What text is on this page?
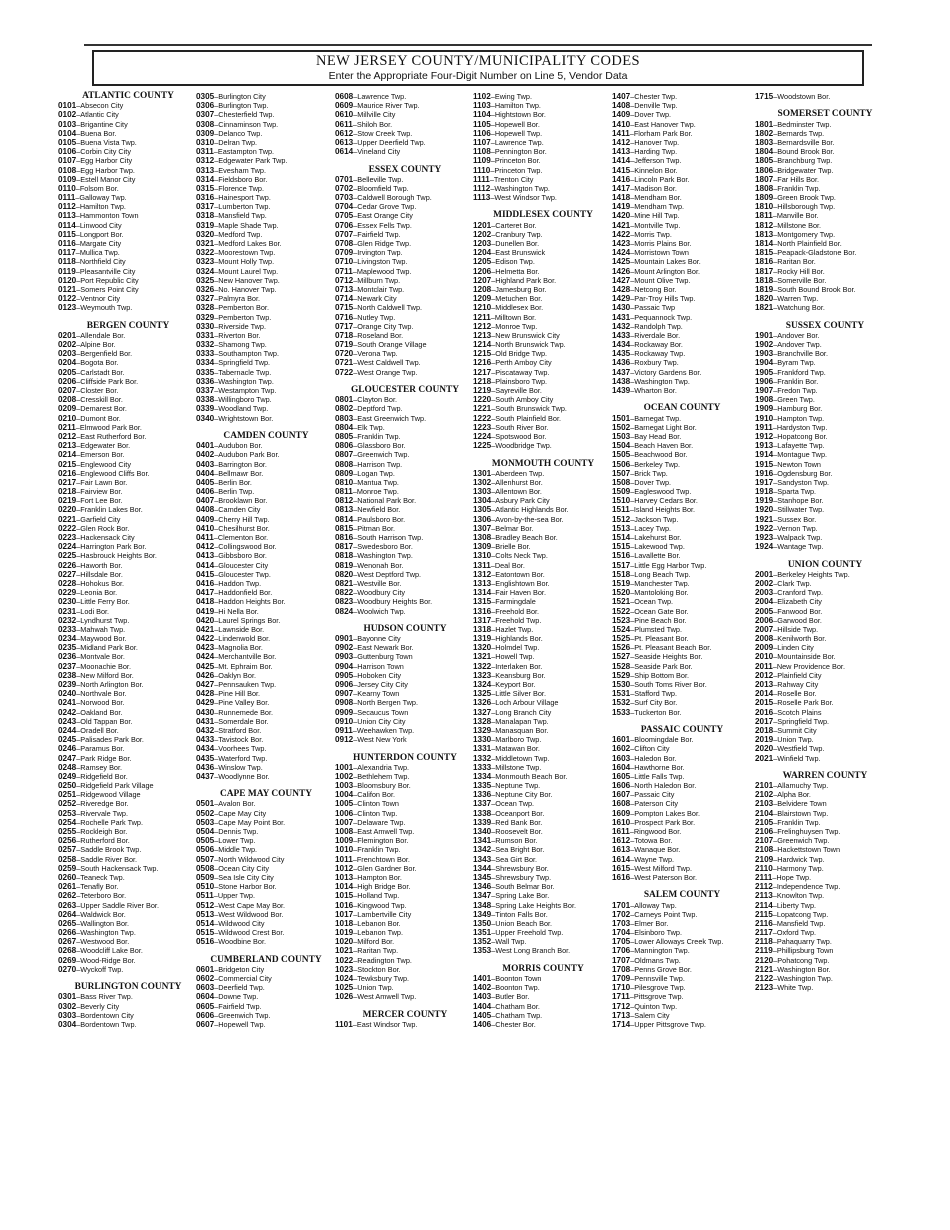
NEW JERSEY COUNTY/MUNICIPALITY CODES
Enter the Appropriate Four-Digit Number on Line 5, Vendor Data
ATLANTIC COUNTY
0101–Absecon City
0102–Atlantic City
0103–Brigantine City
0104–Buena Bor.
0105–Buena Vista Twp.
0106–Corbin City City
0107–Egg Harbor City
0108–Egg Harbor Twp.
0109–Estell Manor City
0110–Folsom Bor.
0111–Galloway Twp.
0112–Hamilton Twp.
0113–Hammonton Town
0114–Linwood City
0115–Longport Bor.
0116–Margate City
0117–Mullica Twp.
0118–Northfield City
0119–Pleasantville City
0120–Port Republic City
0121–Somers Point City
0122–Ventnor City
0123–Weymouth Twp.
BERGEN COUNTY
0201–Allendale Bor.
0202–Alpine Bor.
0203–Bergenfield Bor.
0204–Bogota Bor.
0205–Carlstadt Bor.
0206–Cliffside Park Bor.
0207–Closter Bor.
0208–Cresskill Bor.
0209–Demarest Bor.
0210–Dumont Bor.
0211–Elmwood Park Bor.
0212–East Rutherford Bor.
0213–Edgewater Bor.
0214–Emerson Bor.
0215–Englewood City
0216–Englewood Cliffs Bor.
0217–Fair Lawn Bor.
0218–Fairview Bor.
0219–Fort Lee Bor.
0220–Franklin Lakes Bor.
0221–Garfield City
0222–Glen Rock Bor.
0223–Hackensack City
0224–Harrington Park Bor.
0225–Hasbrouck Heights Bor.
0226–Haworth Bor.
0227–Hillsdale Bor.
0228–Hohokus Bor.
0229–Leonia Bor.
0230–Little Ferry Bor.
0231–Lodi Bor.
0232–Lyndhurst Twp.
0233–Mahwah Twp.
0234–Maywood Bor.
0235–Midland Park Bor.
0236–Montvale Bor.
0237–Moonachie Bor.
0238–New Milford Bor.
0239–North Arlington Bor.
0240–Northvale Bor.
0241–Norwood Bor.
0242–Oakland Bor.
0243–Old Tappan Bor.
0244–Oradell Bor.
0245–Palisades Park Bor.
0246–Paramus Bor.
0247–Park Ridge Bor.
0248–Ramsey Bor.
0249–Ridgefield Bor.
0250–Ridgefield Park Village
0251–Ridgewood Village
0252–Riveredge Bor.
0253–Rivervale Twp.
0254–Rochelle Park Twp.
0255–Rockleigh Bor.
0256–Rutherford Bor.
0257–Saddle Brook Twp.
0258–Saddle River Bor.
0259–South Hackensack Twp.
0260–Teaneck Twp.
0261–Tenafly Bor.
0262–Teterboro Bor.
0263–Upper Saddle River Bor.
0264–Waldwick Bor.
0265–Wallington Bor.
0266–Washington Twp.
0267–Westwood Bor.
0268–Woodcliff Lake Bor.
0269–Wood-Ridge Bor.
0270–Wyckoff Twp.
BURLINGTON COUNTY
0301–Bass River Twp.
0302–Beverly City
0303–Bordentown City
0304–Bordentown Twp.
0305–Burlington City
0306–Burlington Twp.
0307–Chesterfield Twp.
0308–Cinnaminson Twp.
0309–Delanco Twp.
0310–Delran Twp.
0311–Eastampton Twp.
0312–Edgewater Park Twp.
0313–Evesham Twp.
0314–Fieldsboro Bor.
0315–Florence Twp.
0316–Hainesport Twp.
0317–Lumberton Twp.
0318–Mansfield Twp.
0319–Maple Shade Twp.
0320–Medford Twp.
0321–Medford Lakes Bor.
0322–Moorestown Twp.
0323–Mount Holly Twp.
0324–Mount Laurel Twp.
0325–New Hanover Twp.
0326–No. Hanover Twp.
0327–Palmyra Bor.
0328–Pemberton Bor.
0329–Pemberton Twp.
0330–Riverside Twp.
0331–Riverton Bor.
0332–Shamong Twp.
0333–Southampton Twp.
0334–Springfield Twp.
0335–Tabernacle Twp.
0336–Washington Twp.
0337–Westampton Twp.
0338–Willingboro Twp.
0339–Woodland Twp.
0340–Wrightstown Bor.
CAMDEN COUNTY
0401–Audubon Bor.
0402–Audubon Park Bor.
0403–Barrington Bor.
0404–Bellmawr Bor.
0405–Berlin Bor.
0406–Berlin Twp.
0407–Brooklawn Bor.
0408–Camden City
0409–Cherry Hill Twp.
0410–Chesilhurst Bor.
0411–Clementon Bor.
0412–Collingswood Bor.
0413–Gibbsboro Bor.
0414–Gloucester City
0415–Gloucester Twp.
0416–Haddon Twp.
0417–Haddonfield Bor.
0418–Haddon Heights Bor.
0419–Hi Nella Bor.
0420–Laurel Springs Bor.
0421–Lawnside Bor.
0422–Lindenwold Bor.
0423–Magnolia Bor.
0424–Merchantville Bor.
0425–Mt. Ephraim Bor.
0426–Oaklyn Bor.
0427–Pennsauken Twp.
0428–Pine Hill Bor.
0429–Pine Valley Bor.
0430–Runnemede Bor.
0431–Somerdale Bor.
0432–Stratford Bor.
0433–Tavistock Bor.
0434–Voorhees Twp.
0435–Waterford Twp.
0436–Winslow Twp.
0437–Woodlynne Bor.
CAPE MAY COUNTY
0501–Avalon Bor.
0502–Cape May City
0503–Cape May Point Bor.
0504–Dennis Twp.
0505–Lower Twp.
0506–Middle Twp.
0507–North Wildwood City
0508–Ocean City City
0509–Sea Isle City City
0510–Stone Harbor Bor.
0511–Upper Twp.
0512–West Cape May Bor.
0513–West Wildwood Bor.
0514–Wildwood City
0515–Wildwood Crest Bor.
0516–Woodbine Bor.
CUMBERLAND COUNTY
0601–Bridgeton City
0602–Commercial City
0603–Deerfield Twp.
0604–Downe Twp.
0605–Fairfield Twp.
0606–Greenwich Twp.
0607–Hopewell Twp.
0608–Lawrence Twp.
0609–Maurice River Twp.
0610–Millville City
0611–Shiloh Bor.
0612–Stow Creek Twp.
0613–Upper Deerfield Twp.
0614–Vineland City
ESSEX COUNTY
0701–Belleville Twp.
0702–Bloomfield Twp.
0703–Caldwell Borough Twp.
0704–Cedar Grove Twp.
0705–East Orange City
0706–Essex Fells Twp.
0707–Fairfield Twp.
0708–Glen Ridge Twp.
0709–Irvington Twp.
0710–Livingston Twp.
0711–Maplewood Twp.
0712–Millburn Twp.
0713–Montclair Twp.
0714–Newark City
0715–North Caldwell Twp.
0716–Nutley Twp.
0717–Orange City Twp.
0718–Roseland Bor.
0719–South Orange Village
0720–Verona Twp.
0721–West Caldwell Twp.
0722–West Orange Twp.
GLOUCESTER COUNTY
0801–Clayton Bor.
0802–Deptford Twp.
0803–East Greenwich Twp.
0804–Elk Twp.
0805–Franklin Twp.
0806–Glassboro Bor.
0807–Greenwich Twp.
0808–Harrison Twp.
0809–Logan Twp.
0810–Mantua Twp.
0811–Monroe Twp.
0812–National Park Bor.
0813–Newfield Bor.
0814–Paulsboro Bor.
0815–Pitman Bor.
0816–South Harrison Twp.
0817–Swedesboro Bor.
0818–Washington Twp.
0819–Wenonah Bor.
0820–West Deptford Twp.
0821–Westville Bor.
0822–Woodbury City
0823–Woodbury Heights Bor.
0824–Woolwich Twp.
HUDSON COUNTY
0901–Bayonne City
0902–East Newark Bor.
0903–Guttenburg Town
0904–Harrison Town
0905–Hoboken City
0906–Jersey City City
0907–Kearny Town
0908–North Bergen Twp.
0909–Secaucus Town
0910–Union City City
0911–Weehawken Twp.
0912–West New York
HUNTERDON COUNTY
1001–Alexandria Twp.
1002–Bethlehem Twp.
1003–Bloomsbury Bor.
1004–Califon Bor.
1005–Clinton Town
1006–Clinton Twp.
1007–Delaware Twp.
1008–East Amwell Twp.
1009–Flemington Bor.
1010–Franklin Twp.
1011–Frenchtown Bor.
1012–Glen Gardner Bor.
1013–Hampton Bor.
1014–High Bridge Bor.
1015–Holland Twp.
1016–Kingwood Twp.
1017–Lambertville City
1018–Lebanon Bor.
1019–Lebanon Twp.
1020–Milford Bor.
1021–Raritan Twp.
1022–Readington Twp.
1023–Stockton Bor.
1024–Tewksbury Twp.
1025–Union Twp.
1026–West Amwell Twp.
MERCER COUNTY
1101–East Windsor Twp.
1102–Ewing Twp.
1103–Hamilton Twp.
1104–Hightstown Bor.
1105–Hopewell Bor.
1106–Hopewell Twp.
1107–Lawrence Twp.
1108–Pennington Bor.
1109–Princeton Bor.
1110–Princeton Twp.
1111–Trenton City
1112–Washington Twp.
1113–West Windsor Twp.
MIDDLESEX COUNTY
1201–Carteret Bor.
1202–Cranbury Twp.
1203–Dunellen Bor.
1204–East Brunswick
1205–Edison Twp.
1206–Helmetta Bor.
1207–Highland Park Bor.
1208–Jamesburg Bor.
1209–Metuchen Bor.
1210–Middlesex Bor.
1211–Milltown Bor.
1212–Monroe Twp.
1213–New Brunswick City
1214–North Brunswick Twp.
1215–Old Bridge Twp.
1216–Perth Amboy City
1217–Piscataway Twp.
1218–Plainsboro Twp.
1219–Sayreville Bor.
1220–South Amboy City
1221–South Brunswick Twp.
1222–South Plainfield Bor.
1223–South River Bor.
1224–Spotswood Bor.
1225–Woodbridge Twp.
MONMOUTH COUNTY
1301–Aberdeen Twp.
1302–Allenhurst Bor.
1303–Allentown Bor.
1304–Asbury Park City
1305–Atlantic Highlands Bor.
1306–Avon-by-the-sea Bor.
1307–Belmar Bor.
1308–Bradley Beach Bor.
1309–Brielle Bor.
1310–Colts Neck Twp.
1311–Deal Bor.
1312–Eatontown Bor.
1313–Englishtown Bor.
1314–Fair Haven Bor.
1315–Farmingdale
1316–Freehold Bor.
1317–Freehold Twp.
1318–Hazlet Twp.
1319–Highlands Bor.
1320–Holmdel Twp.
1321–Howell Twp.
1322–Interlaken Bor.
1323–Keansburg Bor.
1324–Keyport Bor.
1325–Little Silver Bor.
1326–Loch Arbour Village
1327–Long Branch City
1328–Manalapan Twp.
1329–Manasquan Bor.
1330–Marlboro Twp.
1331–Matawan Bor.
1332–Middletown Twp.
1333–Millstone Twp.
1334–Monmouth Beach Bor.
1335–Neptune Twp.
1336–Neptune City Bor.
1337–Ocean Twp.
1338–Oceanport Bor.
1339–Red Bank Bor.
1340–Roosevelt Bor.
1341–Rumson Bor.
1342–Sea Bright Bor.
1343–Sea Girt Bor.
1344–Shrewsbury Bor.
1345–Shrewsbury Twp.
1346–South Belmar Bor.
1347–Spring Lake Bor.
1348–Spring Lake Heights Bor.
1349–Tinton Falls Bor.
1350–Union Beach Bor.
1351–Upper Freehold Twp.
1352–Wall Twp.
1353–West Long Branch Bor.
MORRIS COUNTY
1401–Boonton Town
1402–Boonton Twp.
1403–Butler Bor.
1404–Chatham Bor.
1405–Chatham Twp.
1406–Chester Bor.
1407–Chester Twp.
1408–Denville Twp.
1409–Dover Twp.
1410–East Hanover Twp.
1411–Florham Park Bor.
1412–Hanover Twp.
1413–Harding Twp.
1414–Jefferson Twp.
1415–Kinnelon Bor.
1416–Lincoln Park Bor.
1417–Madison Bor.
1418–Mendham Bor.
1419–Mendham Twp.
1420–Mine Hill Twp.
1421–Montville Twp.
1422–Morris Twp.
1423–Morris Plains Bor.
1424–Morristown Town
1425–Mountain Lakes Bor.
1426–Mount Arlington Bor.
1427–Mount Olive Twp.
1428–Netcong Bor.
1429–Par-Troy Hills Twp.
1430–Passaic Twp
1431–Pequannock Twp.
1432–Randolph Twp.
1433–Riverdale Bor.
1434–Rockaway Bor.
1435–Rockaway Twp.
1436–Roxbury Twp.
1437–Victory Gardens Bor.
1438–Washington Twp.
1439–Wharton Bor.
OCEAN COUNTY
1501–Barnegat Twp.
1502–Barnegat Light Bor.
1503–Bay Head Bor.
1504–Beach Haven Bor.
1505–Beachwood Bor.
1506–Berkeley Twp.
1507–Brick Twp.
1508–Dover Twp.
1509–Eagleswood Twp.
1510–Harvey Cedars Bor.
1511–Island Heights Bor.
1512–Jackson Twp.
1513–Lacey Twp.
1514–Lakehurst Bor.
1515–Lakewood Twp.
1516–Lavallette Bor.
1517–Little Egg Harbor Twp.
1518–Long Beach Twp.
1519–Manchester Twp.
1520–Mantoloking Bor.
1521–Ocean Twp.
1522–Ocean Gate Bor.
1523–Pine Beach Bor.
1524–Plumsted Twp.
1525–Pt. Pleasant Bor.
1526–Pt. Pleasant Beach Bor.
1527–Seaside Heights Bor.
1528–Seaside Park Bor.
1529–Ship Bottom Bor.
1530–South Toms River Bor.
1531–Stafford Twp.
1532–Surf City Bor.
1533–Tuckerton Bor.
PASSAIC COUNTY
1601–Bloomingdale Bor.
1602–Clifton City
1603–Haledon Bor.
1604–Hawthorne Bor.
1605–Little Falls Twp.
1606–North Haledon Bor.
1607–Passaic City
1608–Paterson City
1609–Pompton Lakes Bor.
1610–Prospect Park Bor.
1611–Ringwood Bor.
1612–Totowa Bor.
1613–Wanaque Bor.
1614–Wayne Twp.
1615–West Milford Twp.
1616–West Paterson Bor.
SALEM COUNTY
1701–Alloway Twp.
1702–Carneys Point Twp.
1703–Elmer Bor.
1704–Elsinboro Twp.
1705–Lower Alloways Creek Twp.
1706–Mannington Twp.
1707–Oldmans Twp.
1708–Penns Grove Bor.
1709–Pennsville Twp.
1710–Pilesgrove Twp.
1711–Pittsgrove Twp.
1712–Quinton Twp.
1713–Salem City
1714–Upper Pittsgrove Twp.
1715–Woodstown Bor.
SOMERSET COUNTY
1801–Bedminster Twp.
1802–Bernards Twp.
1803–Bernardsville Bor.
1804–Bound Brook Bor.
1805–Branchburg Twp.
1806–Bridgewater Twp.
1807–Far Hills Bor.
1808–Franklin Twp.
1809–Green Brook Twp.
1810–Hillsborough Twp.
1811–Manville Bor.
1812–Millstone Bor.
1813–Montgomery Twp.
1814–North Plainfield Bor.
1815–Peapack-Gladstone Bor.
1816–Raritan Bor.
1817–Rocky Hill Bor.
1818–Somerville Bor.
1819–South Bound Brook Bor.
1820–Warren Twp.
1821–Watchung Bor.
SUSSEX COUNTY
1901–Andover Bor.
1902–Andover Twp.
1903–Branchville Bor.
1904–Byram Twp.
1905–Frankford Twp.
1906–Franklin Bor.
1907–Fredon Twp.
1908–Green Twp.
1909–Hamburg Bor.
1910–Hampton Twp.
1911–Hardyston Twp.
1912–Hopatcong Bor.
1913–Lafayette Twp.
1914–Montague Twp.
1915–Newton Town
1916–Ogdensburg Bor.
1917–Sandyston Twp.
1918–Sparta Twp.
1919–Stanhope Bor.
1920–Stillwater Twp.
1921–Sussex Bor.
1922–Vernon Twp.
1923–Walpack Twp.
1924–Wantage Twp.
UNION COUNTY
2001–Berkeley Heights Twp.
2002–Clark Twp.
2003–Cranford Twp.
2004–Elizabeth City
2005–Fanwood Bor.
2006–Garwood Bor.
2007–Hillside Twp.
2008–Kenilworth Bor.
2009–Linden City
2010–Mountainside Bor.
2011–New Providence Bor.
2012–Plainfield City
2013–Rahway City
2014–Roselle Bor.
2015–Roselle Park Bor.
2016–Scotch Plains
2017–Springfield Twp.
2018–Summit City
2019–Union Twp.
2020–Westfield Twp.
2021–Winfield Twp.
WARREN COUNTY
2101–Allamuchy Twp.
2102–Alpha Bor.
2103–Belvidere Town
2104–Blairstown Twp.
2105–Franklin Twp.
2106–Frelinghuysen Twp.
2107–Greenwich Twp.
2108–Hackettstown Town
2109–Hardwick Twp.
2110–Harmony Twp.
2111–Hope Twp.
2112–Independence Twp.
2113–Knowlton Twp.
2114–Liberty Twp.
2115–Lopatcong Twp.
2116–Mansfield Twp.
2117–Oxford Twp.
2118–Pahaquarry Twp.
2119–Phillipsburg Town
2120–Pohatcong Twp.
2121–Washington Bor.
2122–Washington Twp.
2123–White Twp.
